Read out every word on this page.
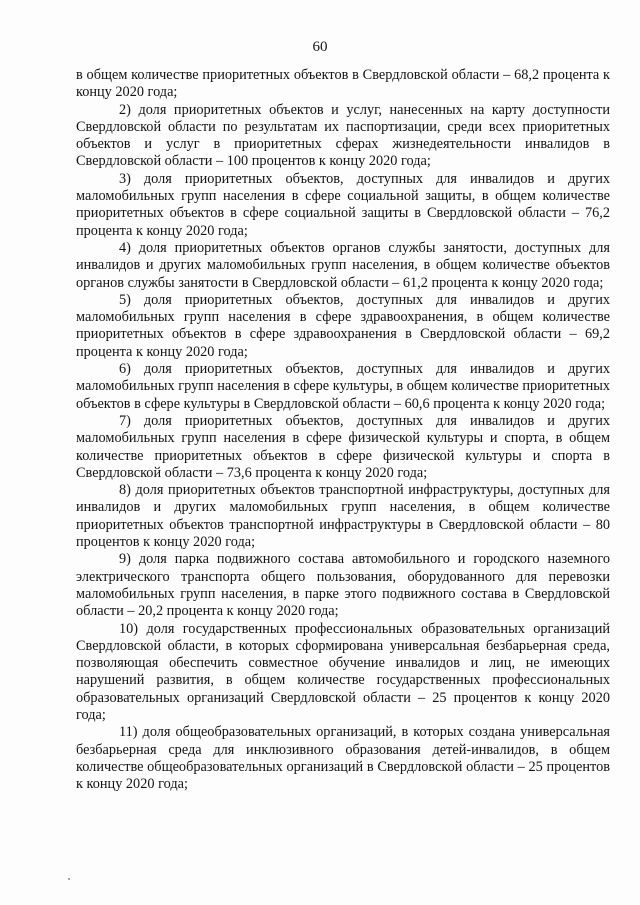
60

в общем количестве приоритетных объектов в Свердловской области – 68,2 процента к концу 2020 года;

2) доля приоритетных объектов и услуг, нанесенных на карту доступности Свердловской области по результатам их паспортизации, среди всех приоритетных объектов и услуг в приоритетных сферах жизнедеятельности инвалидов в Свердловской области – 100 процентов к концу 2020 года;

3) доля приоритетных объектов, доступных для инвалидов и других маломобильных групп населения в сфере социальной защиты, в общем количестве приоритетных объектов в сфере социальной защиты в Свердловской области – 76,2 процента к концу 2020 года;

4) доля приоритетных объектов органов службы занятости, доступных для инвалидов и других маломобильных групп населения, в общем количестве объектов органов службы занятости в Свердловской области – 61,2 процента к концу 2020 года;

5) доля приоритетных объектов, доступных для инвалидов и других маломобильных групп населения в сфере здравоохранения, в общем количестве приоритетных объектов в сфере здравоохранения в Свердловской области – 69,2 процента к концу 2020 года;

6) доля приоритетных объектов, доступных для инвалидов и других маломобильных групп населения в сфере культуры, в общем количестве приоритетных объектов в сфере культуры в Свердловской области – 60,6 процента к концу 2020 года;

7) доля приоритетных объектов, доступных для инвалидов и других маломобильных групп населения в сфере физической культуры и спорта, в общем количестве приоритетных объектов в сфере физической культуры и спорта в Свердловской области – 73,6 процента к концу 2020 года;

8) доля приоритетных объектов транспортной инфраструктуры, доступных для инвалидов и других маломобильных групп населения, в общем количестве приоритетных объектов транспортной инфраструктуры в Свердловской области – 80 процентов к концу 2020 года;

9) доля парка подвижного состава автомобильного и городского наземного электрического транспорта общего пользования, оборудованного для перевозки маломобильных групп населения, в парке этого подвижного состава в Свердловской области – 20,2 процента к концу 2020 года;

10) доля государственных профессиональных образовательных организаций Свердловской области, в которых сформирована универсальная безбарьерная среда, позволяющая обеспечить совместное обучение инвалидов и лиц, не имеющих нарушений развития, в общем количестве государственных профессиональных образовательных организаций Свердловской области – 25 процентов к концу 2020 года;

11) доля общеобразовательных организаций, в которых создана универсальная безбарьерная среда для инклюзивного образования детей-инвалидов, в общем количестве общеобразовательных организаций в Свердловской области – 25 процентов к концу 2020 года;
